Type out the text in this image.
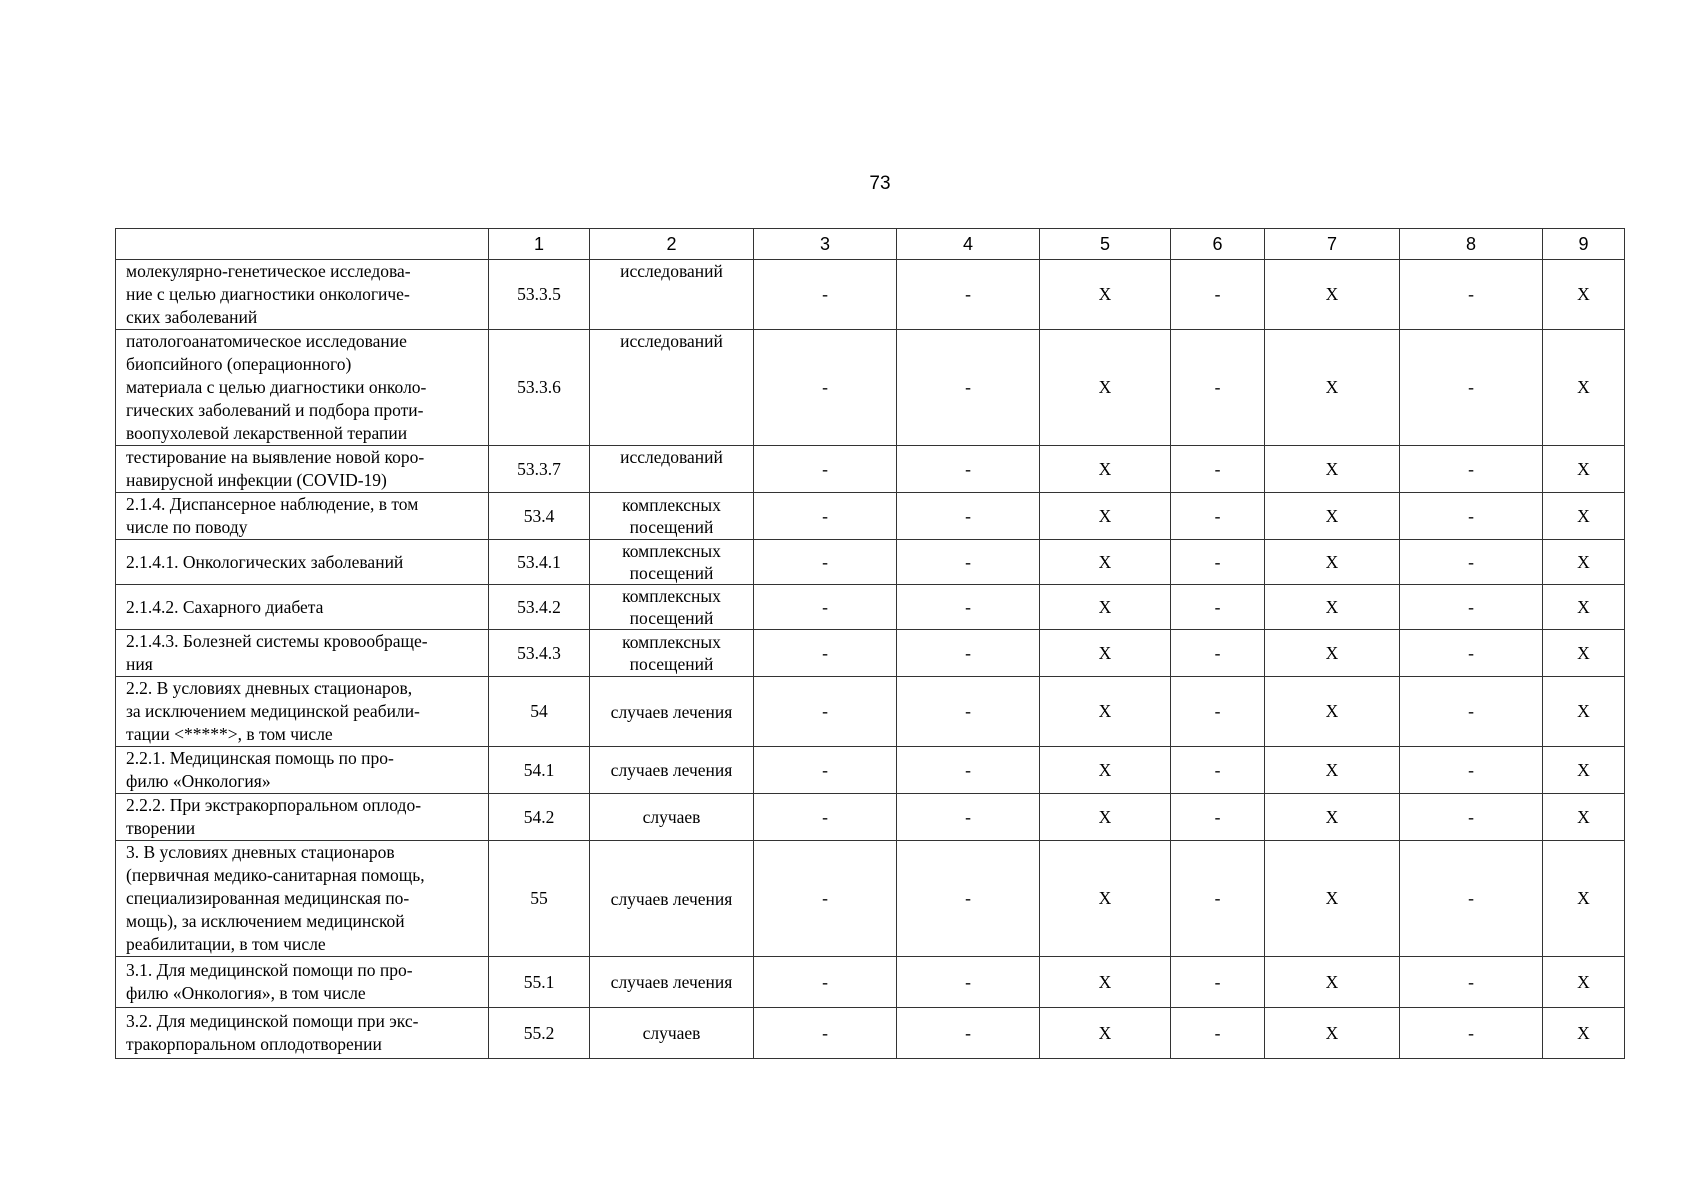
73
	1	2	3	4	5	6	7	8	9
молекулярно-генетическое исследова-
ние с целью диагностики онкологиче-
ских заболеваний	53.3.5	исследований	-	-	X	-	X	-	X
патологоанатомическое исследование
биопсийного (операционного)
материала с целью диагностики онколо-
гических заболеваний и подбора проти-
воопухолевой лекарственной терапии	53.3.6	исследований	-	-	X	-	X	-	X
тестирование на выявление новой коро-
навирусной инфекции (COVID-19)	53.3.7	исследований	-	-	X	-	X	-	X
2.1.4. Диспансерное наблюдение, в том
числе по поводу	53.4	комплексных
посещений	-	-	X	-	X	-	X
2.1.4.1. Онкологических заболеваний	53.4.1	комплексных
посещений	-	-	X	-	X	-	X
2.1.4.2. Сахарного диабета	53.4.2	комплексных
посещений	-	-	X	-	X	-	X
2.1.4.3. Болезней системы кровообраще-
ния	53.4.3	комплексных
посещений	-	-	X	-	X	-	X
2.2. В условиях дневных стационаров,
за исключением медицинской реабили-
тации <*****>, в том числе	54	случаев лечения	-	-	X	-	X	-	X
2.2.1. Медицинская помощь по про-
филю «Онкология»	54.1	случаев лечения	-	-	X	-	X	-	X
2.2.2. При экстракорпоральном оплодо-
творении	54.2	случаев	-	-	X	-	X	-	X
3. В условиях дневных стационаров
(первичная медико-санитарная помощь,
специализированная медицинская по-
мощь), за исключением медицинской
реабилитации, в том числе	55	случаев лечения	-	-	X	-	X	-	X
3.1. Для медицинской помощи по про-
филю «Онкология», в том числе	55.1	случаев лечения	-	-	X	-	X	-	X
3.2. Для медицинской помощи при экс-
тракорпоральном оплодотворении	55.2	случаев	-	-	X	-	X	-	X
